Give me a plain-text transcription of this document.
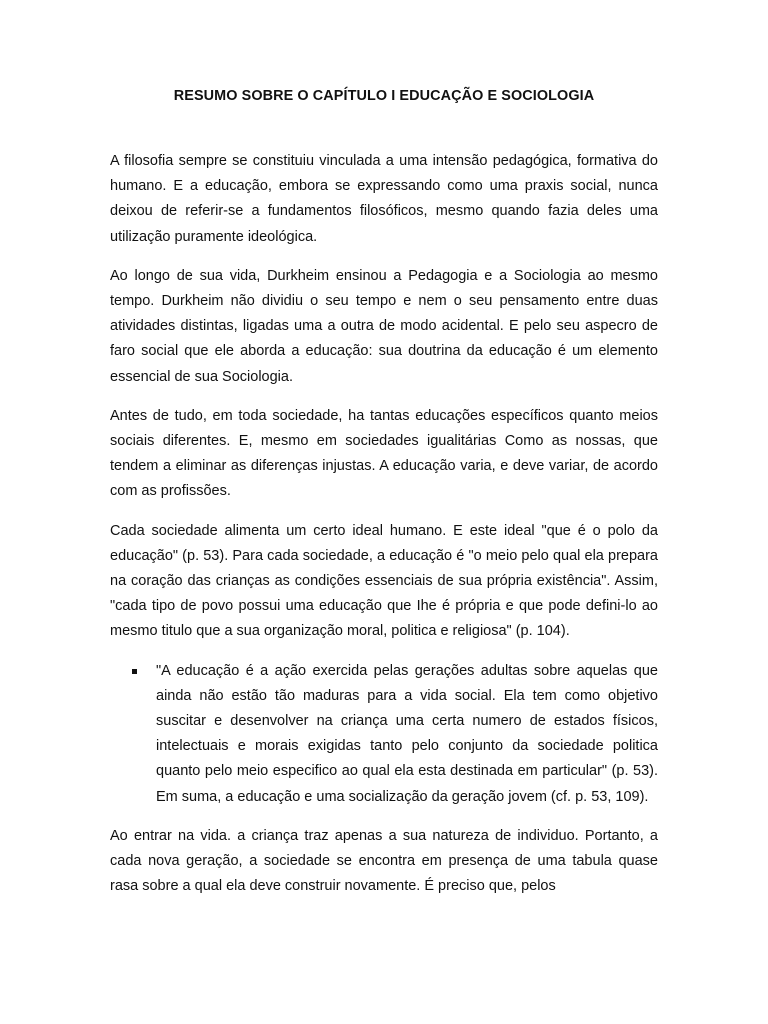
RESUMO SOBRE O CAPÍTULO I EDUCAÇÃO E SOCIOLOGIA

A filosofia sempre se constituiu vinculada a uma intensão pedagógica, formativa do humano. E a educação, embora se expressando como uma praxis social, nunca deixou de referir-se a fundamentos filosóficos, mesmo quando fazia deles uma utilização puramente ideológica.

Ao longo de sua vida, Durkheim ensinou a Pedagogia e a Sociologia ao mesmo tempo. Durkheim não dividiu o seu tempo e nem o seu pensamento entre duas atividades distintas, ligadas uma a outra de modo acidental. E pelo seu aspecro de faro social que ele aborda a educação: sua doutrina da educação é um elemento essencial de sua Sociologia.

Antes de tudo, em toda sociedade, ha tantas educações específicos quanto meios sociais diferentes. E, mesmo em sociedades igualitárias Como as nossas, que tendem a eliminar as diferenças injustas. A educação varia, e deve variar, de acordo com as profissões.

Cada sociedade alimenta um certo ideal humano. E este ideal "que é o polo da educação" (p. 53). Para cada sociedade, a educação é "o meio pelo qual ela prepara na coração das crianças as condições essenciais de sua própria existência". Assim, "cada tipo de povo possui uma educação que Ihe é própria e que pode defini-lo ao mesmo titulo que a sua organização moral, politica e religiosa" (p. 104).

"A educação é a ação exercida pelas gerações adultas sobre aquelas que ainda não estão tão maduras para a vida social. Ela tem como objetivo suscitar e desenvolver na criança uma certa numero de estados físicos, intelectuais e morais exigidas tanto pelo conjunto da sociedade politica quanto pelo meio especifico ao qual ela esta destinada em particular" (p. 53). Em suma, a educação e uma socialização da geração jovem (cf. p. 53, 109).

Ao entrar na vida. a criança traz apenas a sua natureza de individuo. Portanto, a cada nova geração, a sociedade se encontra em presença de uma tabula quase rasa sobre a qual ela deve construir novamente. É preciso que, pelos
